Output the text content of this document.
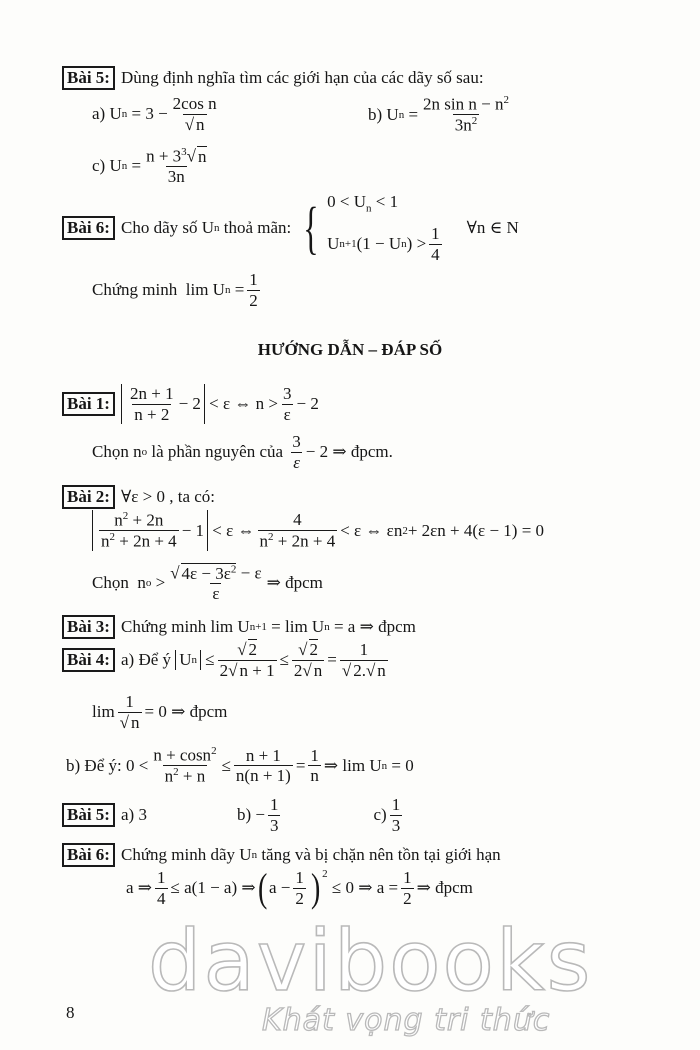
Bài 5: Dùng định nghĩa tìm các giới hạn của các dãy số sau:
a) U $n = 3 - \frac{\text{2cos n}}{√ n}$	b) U $n = \frac{2n \sin n - n^2}{3n^2}$
c) U $n = \frac{n + 3^3√ n}{3n}$
Bài 6: Cho dãy số U n
thoả mãn: { $0 < U_n < 1$
U n+1 (1 − U n ) > $\frac{1}{4}$ ∀n ∈ N
Chứng minh lim U $n = \frac{1}{2}$
HƯỚNG DẪN – ĐÁP SỐ
Bài 1: $\frac{2n + 1}{n + 2} - 2 < \varepsilon$ ⇔ $n > \frac{3}{\varepsilon} - 2$
Chọn n o
là phần nguyên của
$\frac{3}{\varepsilon} - 2$ ⇒ đpcm .
Bài 2: ∀ε > 0 , ta có:
$\frac{n^2 + 2n}{n^2 + 2n + 4} - 1 < \varepsilon$ ⇔ $\frac{4}{n^2 + 2n + 4} < \varepsilon$ ⇔ εn 2 + 2εn + 4(ε − 1) = 0
Chọn n $o > \frac{√ 4\varepsilon - 3\varepsilon^2 - \varepsilon}{\varepsilon}$ ⇒ đpcm
Bài 3: Chứng minh lim U n+1 = lim U n = a ⇒ đpcm
Bài 4: a) Để ý
U $n \le \frac{√ 2}{2√ n + 1} \le \frac{√ 2}{2√ n} = \frac{1}{√ 2.√ n}$
$\lim \frac{1}{√ n} = 0$ ⇒ đpcm
b) Để ý: $0 < \frac{n + \cos n^2}{n^2 + n} \le \frac{n + 1}{n(n + 1)} = \frac{1}{n}$ ⇒ lim U n = 0
Bài 5: a) 3	$b) - \frac{1}{3}$	$c) \frac{1}{3}$
Bài 6: Chứng minh dãy U n
tăng và bị chặn nên tồn tại giới hạn
a ⇒ $\frac{1}{4} \le a(1 - a)$ ⇒ ( $a - \frac{1}{2} )^2$
≤ 0 ⇒ $a = \frac{1}{2}$ ⇒ đpcm
davibooks
Khát vọng tri thức
8
